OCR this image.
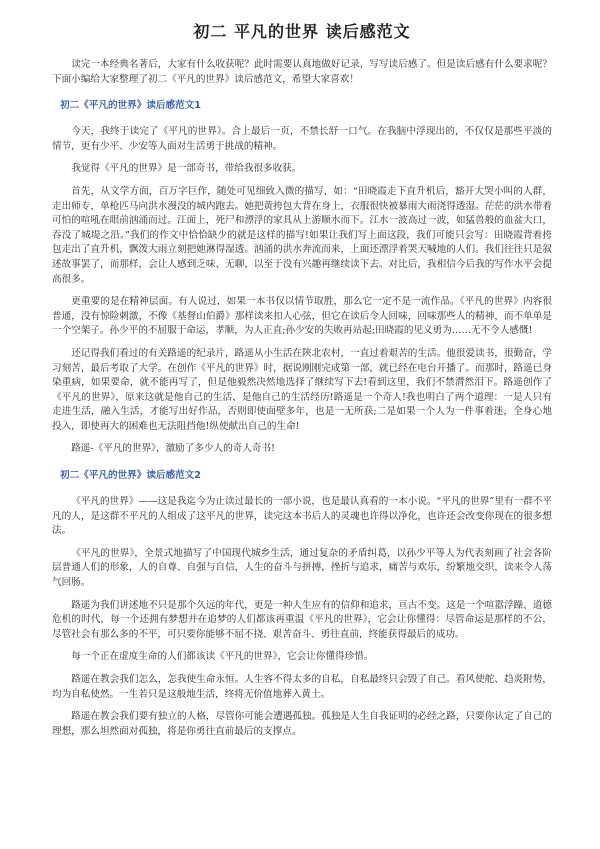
初二 平凡的世界 读后感范文

读完一本经典名著后，大家有什么收获呢？此时需要认真地做好记录，写写读后感了。但是读后感有什么要求呢？下面小编给大家整理了初二《平凡的世界》读后感范文，希望大家喜欢！

初二《平凡的世界》读后感范文1

今天，我终于读完了《平凡的世界》。合上最后一页，不禁长舒一口气。在我脑中浮现出的，不仅仅是那些平淡的情节，更有少平、少安等人面对生活勇于挑战的精神。

我觉得《平凡的世界》是一部奇书，带给我很多收获。

首先，从文学方面，百万字巨作，随处可见细致入微的描写，如：“田晓霞走下直升机后，豁开大哭小叫的人群，走出师专，单枪匹马向洪水漫没的城内跑去。她把黄挎包大背在身上，衣服很快被暴雨大雨浇得透湿。茫茫的洪水带着可怕的喧吼在眼前汹涌而过。江面上，死尸和漂浮的家具从上游顺水而下。江水一波高过一波，如猛兽般的血盆大口，吞没了城堤之沿。”我们的作文中恰恰缺少的就是这样的描写!如果让我们写上面这段，我们可能只会写：田晓霞背着挎包走出了直升机，飘泼大雨立刻把她淋得湿透。汹涌的洪水奔流而来，上面还漂浮着哭天喊地的人们。我们往往只是叙述故事罢了，而那样，会让人感到乏味、无聊，以至于没有兴趣再继续读下去。对比后，我相信今后我的写作水平会提高很多。

更重要的是在精神层面。有人说过，如果一本书仅以情节取胜，那么它一定不是一流作品。《平凡的世界》内容很普通，没有惊险刺激，不像《基督山伯爵》那样读来扣人心弦，但它在读后令人回味，回味那些人的精神，而不单单是一个空架子。孙少平的不屈服于命运，孝顺，为人正直;孙少安的失败再站起;田晓霞的见义勇为……无不令人感慨!

还记得我们看过的有关路遥的纪录片，路遥从小生活在陕北农村，一直过着艰苦的生活。他很爱读书，很勤奋，学习刻苦，最后考取了大学。在创作《平凡的世界》时，据说刚刚完成第一部，就已经在电台开播了。而那时，路遥已身染重病，如果要命，就不能再写了，但是他毅然决然地选择了继续写下去!看到这里，我们不禁潸然泪下。路遥创作了《平凡的世界》，原来这就是他自己的生活，是他自己的生活经历!路遥是一个奇人!我也明白了两个道理：一是人只有走进生活，融入生活，才能写出好作品，否则即使面壁多年，也是一无所获;二是如果一个人为一件事着迷，全身心地投入，即使再大的困难也无法阻挡他!纵使献出自己的生命!

路遥-《平凡的世界》，激励了多少人的奇人奇书!

初二《平凡的世界》读后感范文2

《平凡的世界》——这是我迄今为止读过最长的一部小说，也是最认真看的一本小说。“平凡的世界”里有一群不平凡的人，是这群不平凡的人组成了这平凡的世界，读完这本书后人的灵魂也许得以净化，也许还会改变你现在的很多想法。

《平凡的世界》，全景式地描写了中国现代城乡生活，通过复杂的矛盾纠葛，以孙少平等人为代表刻画了社会各阶层普通人们的形象，人的自尊、自强与自信，人生的奋斗与拼搏，挫折与追求，痛苦与欢乐，纷繁地交织，读来令人荡气回肠。

路遥为我们讲述地不只是那个久远的年代，更是一种人生应有的信仰和追求，亘古不变。这是一个喧嚣浮躁、道德危机的时代，每一个还拥有梦想并在追梦的人们都该再重温《平凡的世界》，它会让你懂得：尽管命运是那样的不公，尽管社会有那么多的不平，可只要你能够不屈不挠、艰苦奋斗、勇往直前，终能获得最后的成功。

每一个正在虚度生命的人们都该读《平凡的世界》，它会让你懂得珍惜。

路遥在教会我们怎么，怎我使生命永恒。人生容不得太多的自私，自私最终只会毁了自己。看风使舵、趋炎附势，均为自私使然。一生若只是这般地生活，终将无价值地葬入黄土。

路遥在教会我们要有独立的人格，尽管你可能会遭遇孤独。孤独是人生自我证明的必经之路，只要你认定了自己的理想，那么坦然面对孤独，将是你勇往直前最后的支撑点。
